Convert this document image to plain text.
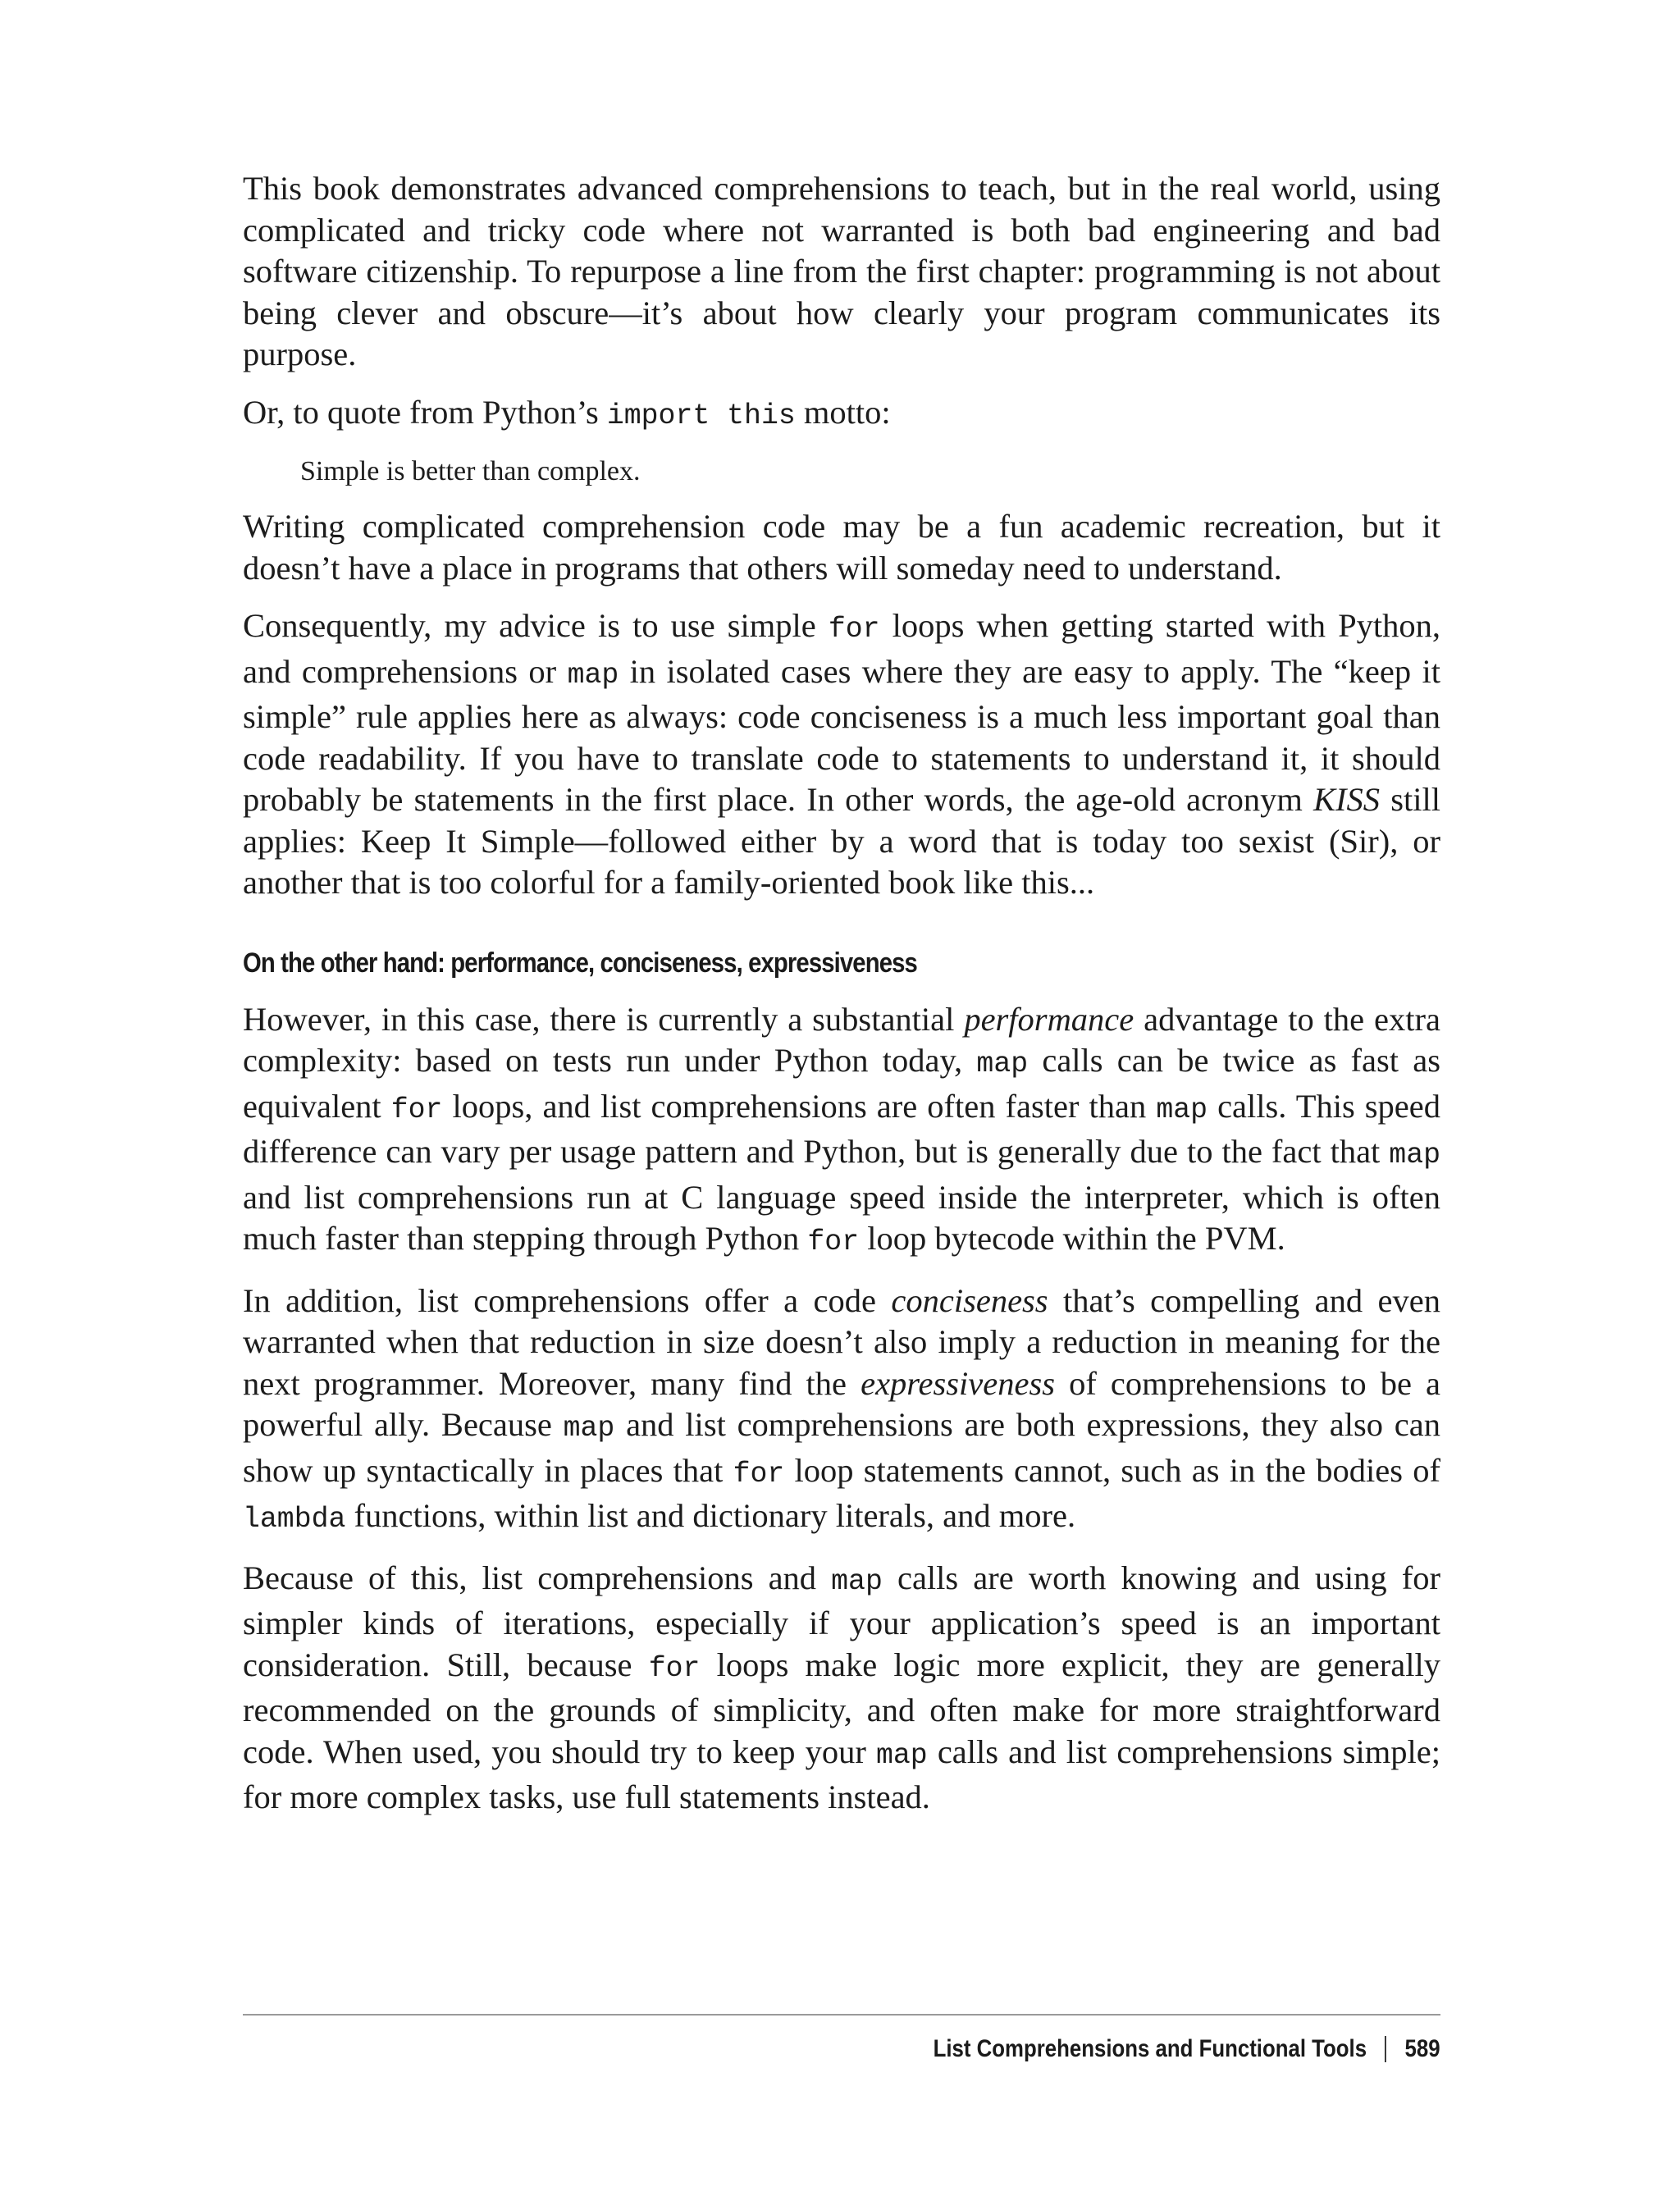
This book demonstrates advanced comprehensions to teach, but in the real world, using complicated and tricky code where not warranted is both bad engineering and bad software citizenship. To repurpose a line from the first chapter: programming is not about being clever and obscure—it’s about how clearly your program communicates its purpose.

Or, to quote from Python’s import this motto:

Simple is better than complex.

Writing complicated comprehension code may be a fun academic recreation, but it doesn’t have a place in programs that others will someday need to understand.

Consequently, my advice is to use simple for loops when getting started with Python, and comprehensions or map in isolated cases where they are easy to apply. The “keep it simple” rule applies here as always: code conciseness is a much less important goal than code readability. If you have to translate code to statements to understand it, it should probably be statements in the first place. In other words, the age-old acronym KISS still applies: Keep It Simple—followed either by a word that is today too sexist (Sir), or another that is too colorful for a family-oriented book like this...

On the other hand: performance, conciseness, expressiveness

However, in this case, there is currently a substantial performance advantage to the extra complexity: based on tests run under Python today, map calls can be twice as fast as equivalent for loops, and list comprehensions are often faster than map calls. This speed difference can vary per usage pattern and Python, but is generally due to the fact that map and list comprehensions run at C language speed inside the interpreter, which is often much faster than stepping through Python for loop bytecode within the PVM.

In addition, list comprehensions offer a code conciseness that’s compelling and even warranted when that reduction in size doesn’t also imply a reduction in meaning for the next programmer. Moreover, many find the expressiveness of comprehensions to be a powerful ally. Because map and list comprehensions are both expressions, they also can show up syntactically in places that for loop statements cannot, such as in the bodies of lambda functions, within list and dictionary literals, and more.

Because of this, list comprehensions and map calls are worth knowing and using for simpler kinds of iterations, especially if your application’s speed is an important consideration. Still, because for loops make logic more explicit, they are generally recommended on the grounds of simplicity, and often make for more straightforward code. When used, you should try to keep your map calls and list comprehensions simple; for more complex tasks, use full statements instead.

List Comprehensions and Functional Tools 589
